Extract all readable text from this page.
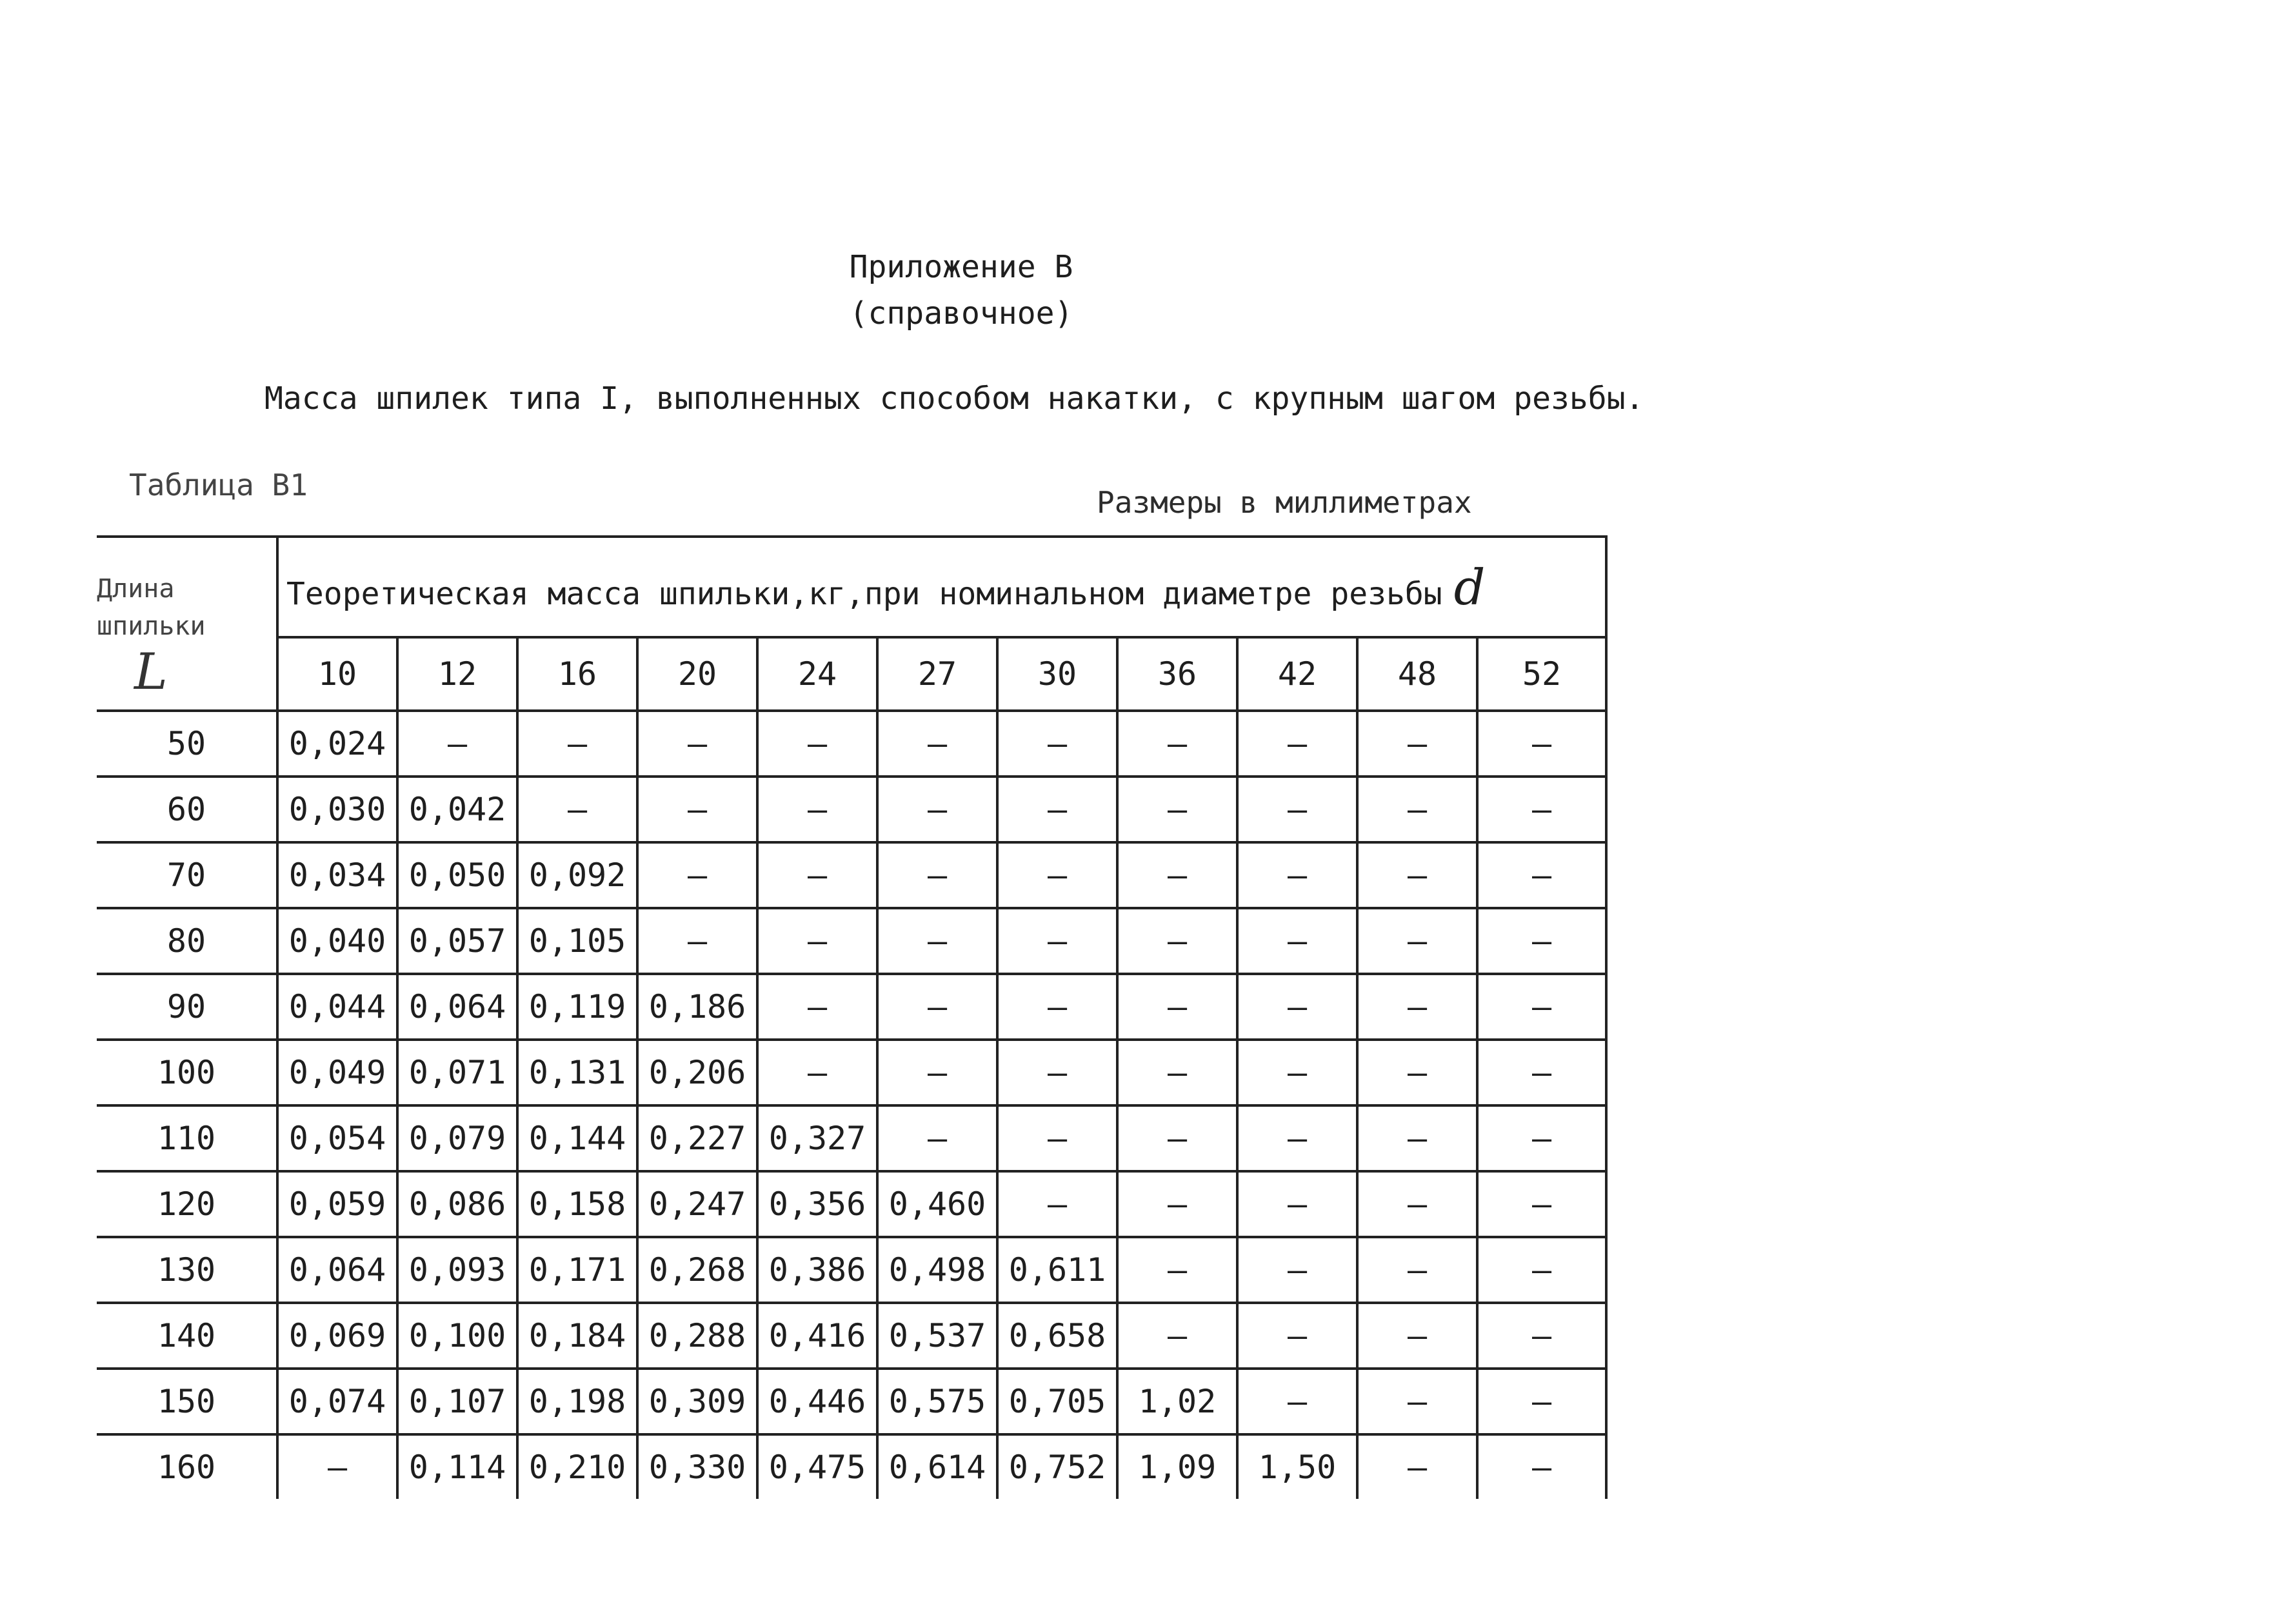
Приложение В
(справочное)
Масса шпилек типа I, выполненных способом накатки, с крупным шагом резьбы.
Таблица В1	Размеры в миллиметрах
Длина
шпильки
L	Теоретическая масса шпильки,кг,при номинальном диаметре резьбы d										
	10	12	16	20	24	27	30	36	42	48	52
50	0,024	–	–	–	–	–	–	–	–	–	–
60	0,030	0,042	–	–	–	–	–	–	–	–	–
70	0,034	0,050	0,092	–	–	–	–	–	–	–	–
80	0,040	0,057	0,105	–	–	–	–	–	–	–	–
90	0,044	0,064	0,119	0,186	–	–	–	–	–	–	–
100	0,049	0,071	0,131	0,206	–	–	–	–	–	–	–
110	0,054	0,079	0,144	0,227	0,327	–	–	–	–	–	–
120	0,059	0,086	0,158	0,247	0,356	0,460	–	–	–	–	–
130	0,064	0,093	0,171	0,268	0,386	0,498	0,611	–	–	–	–
140	0,069	0,100	0,184	0,288	0,416	0,537	0,658	–	–	–	–
150	0,074	0,107	0,198	0,309	0,446	0,575	0,705	1,02	–	–	–
160	–	0,114	0,210	0,330	0,475	0,614	0,752	1,09	1,50	–	–
